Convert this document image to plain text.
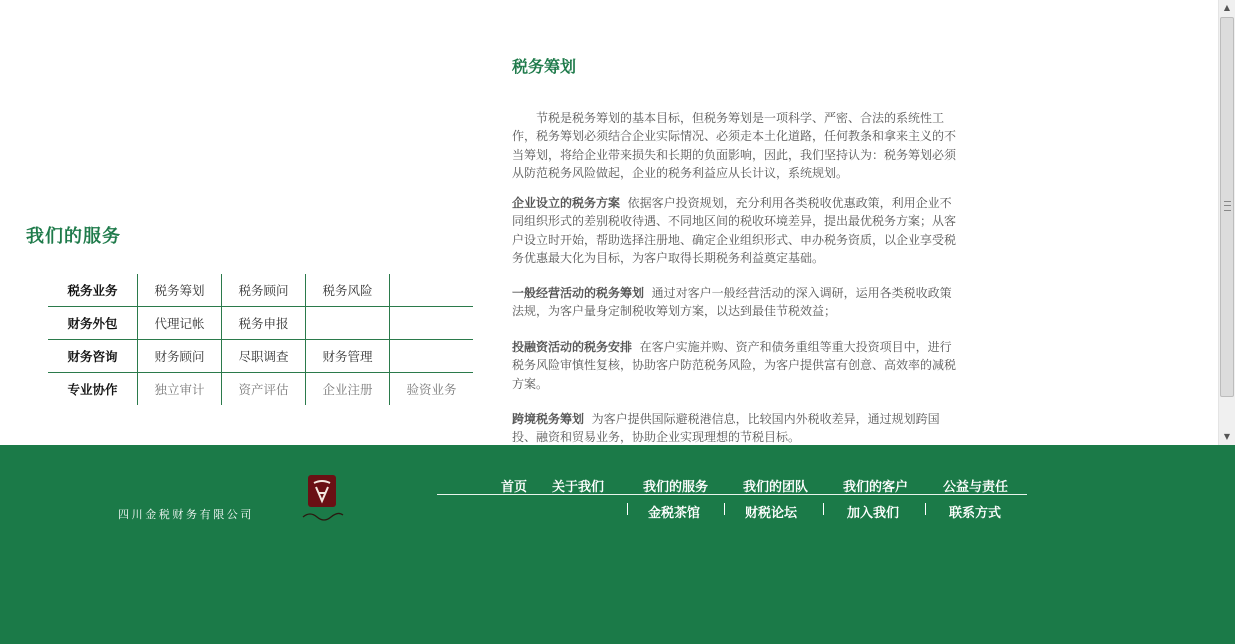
我们的服务
税务业务	税务筹划	税务顾问	税务风险	
财务外包	代理记帐	税务申报		
财务咨询	财务顾问	尽职调查	财务管理	
专业协作	独立审计	资产评估	企业注册	验资业务
税务筹划
节税是税务筹划的基本目标，但税务筹划是一项科学、严密、合法的系统性工作，税务筹划必须结合企业实际情况、必须走本土化道路，任何教条和拿来主义的不当筹划，将给企业带来损失和长期的负面影响，因此，我们坚持认为：税务筹划必须从防范税务风险做起，企业的税务利益应从长计议，系统规划。
企业设立的税务方案 依据客户投资规划，充分利用各类税收优惠政策，利用企业不同组织形式的差别税收待遇、不同地区间的税收环境差异，提出最优税务方案；从客户设立时开始，帮助选择注册地、确定企业组织形式、申办税务资质，以企业享受税务优惠最大化为目标，为客户取得长期税务利益奠定基础。
一般经营活动的税务筹划 通过对客户一般经营活动的深入调研，运用各类税收政策法规，为客户量身定制税收筹划方案，以达到最佳节税效益；
投融资活动的税务安排 在客户实施并购、资产和债务重组等重大投资项目中，进行税务风险审慎性复核，协助客户防范税务风险，为客户提供富有创意、高效率的减税方案。
跨境税务筹划 为客户提供国际避税港信息，比较国内外税收差异，通过规划跨国投、融资和贸易业务，协助企业实现理想的节税目标。
▲
▼
四川金税财务有限公司
首页 关于我们	我们的服务	我们的团队	我们的客户	公益与责任
金税茶馆	财税论坛	加入我们	联系方式
